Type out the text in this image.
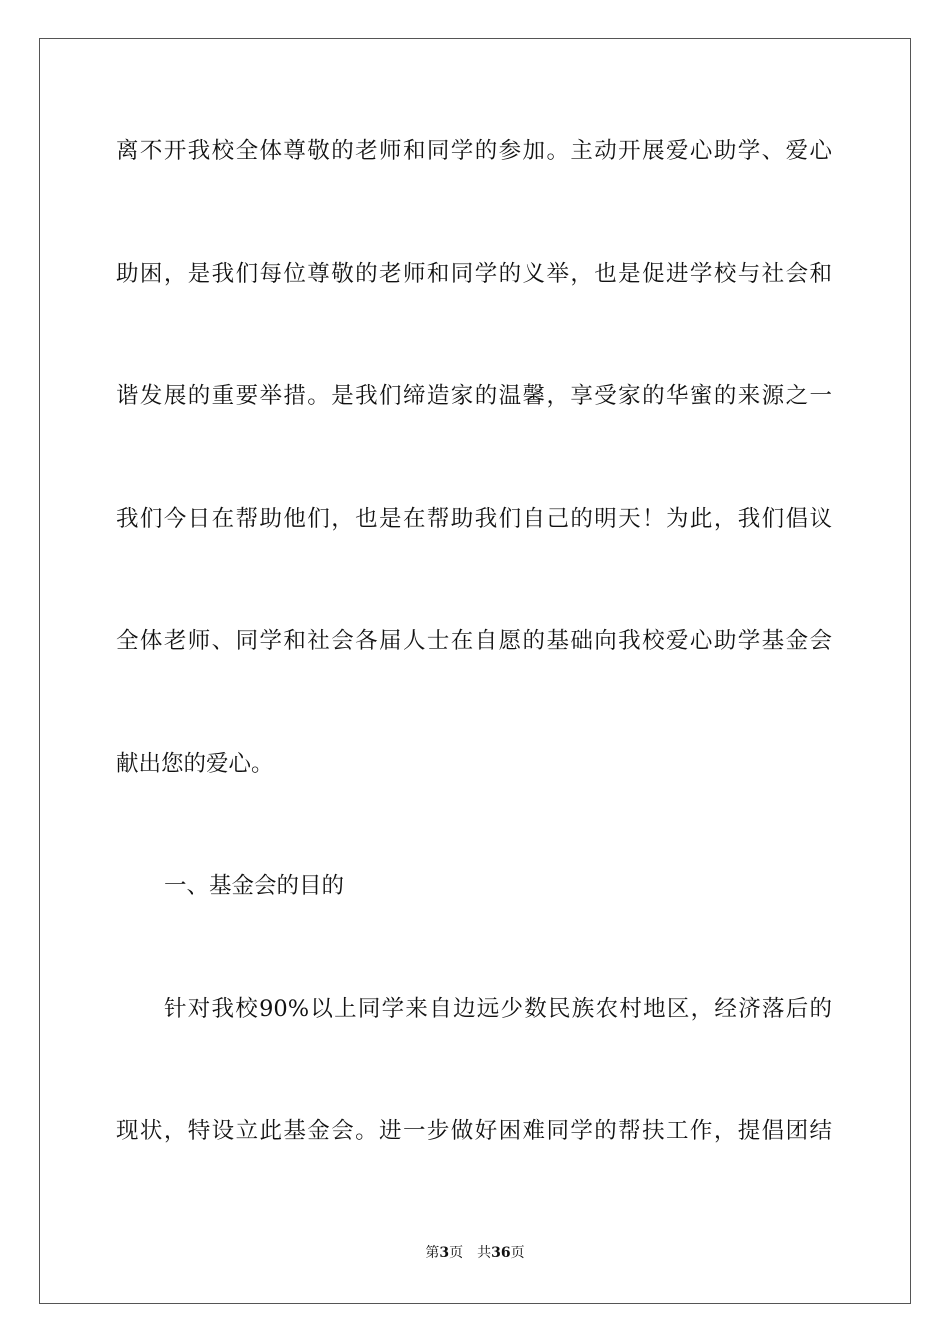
离不开我校全体尊敬的老师和同学的参加。主动开展爱心助学、爱心
助困，是我们每位尊敬的老师和同学的义举，也是促进学校与社会和
谐发展的重要举措。是我们缔造家的温馨，享受家的华蜜的来源之一
我们今日在帮助他们，也是在帮助我们自己的明天！为此，我们倡议
全体老师、同学和社会各届人士在自愿的基础向我校爱心助学基金会
献出您的爱心。
一、基金会的目的
针对我校90%以上同学来自边远少数民族农村地区，经济落后的
现状，特设立此基金会。进一步做好困难同学的帮扶工作，提倡团结
第3页 共36页
